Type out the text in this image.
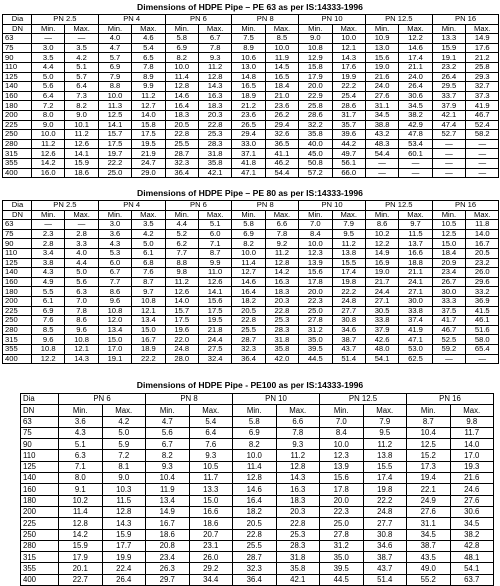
Dimensions of HDPE Pipe – PE 63 as per IS:14333-1996
Dia	PN 2.5		PN 4		PN 6		PN 8		PN 10		PN 12.5		PN 16	
DN	Min.	Max.	Min.	Max.	Min.	Max.	Min.	Max.	Min.	Max.	Min.	Max.	Min.	Max.
63	—	—	4.0	4.6	5.8	6.7	7.5	8.5	9.0	10.0	10.9	12.2	13.3	14.9
75	3.0	3.5	4.7	5.4	6.9	7.8	8.9	10.0	10.8	12.1	13.0	14.6	15.9	17.6
90	3.5	4.2	5.7	6.5	8.2	9.3	10.6	11.9	12.9	14.3	15.6	17.4	19.1	21.2
110	4.4	5.1	6.9	7.8	10.0	11.2	13.0	14.5	15.8	17.6	19.0	21.1	23.2	25.8
125	5.0	5.7	7.9	8.9	11.4	12.8	14.8	16.5	17.9	19.9	21.6	24.0	26.4	29.3
140	5.6	6.4	8.8	9.9	12.8	14.3	16.5	18.4	20.0	22.2	24.0	26.4	29.5	32.7
160	6.4	7.3	10.0	11.2	14.6	16.3	18.9	21.0	22.9	25.4	27.6	30.6	33.7	37.3
180	7.2	8.2	11.3	12.7	16.4	18.3	21.2	23.6	25.8	28.6	31.1	34.5	37.9	41.9
200	8.0	9.0	12.5	14.0	18.3	20.3	23.6	26.2	28.6	31.7	34.5	38.2	42.1	46.7
225	9.0	10.1	14.1	15.8	20.5	22.8	26.5	29.4	32.2	35.7	38.8	42.9	47.4	52.4
250	10.0	11.2	15.7	17.5	22.8	25.3	29.4	32.6	35.8	39.6	43.2	47.8	52.7	58.2
280	11.2	12.6	17.5	19.5	25.5	28.3	33.0	36.5	40.0	44.2	48.3	53.4	—	—
315	12.6	14.1	19.7	21.9	28.7	31.8	37.1	41.1	45.0	49.7	54.4	60.1	—	—
355	14.2	15.9	22.2	24.7	32.3	35.8	41.8	46.2	50.8	56.1	—	—	—	—
400	16.0	18.6	25.0	29.0	36.4	42.1	47.1	54.4	57.2	66.0	—	—	—	—
Dimensions of HDPE Pipe – PE 80 as per IS:14333-1996
Dia	PN 2.5		PN 4		PN 6		PN 8		PN 10		PN 12.5		PN 16	
DN	Min.	Max.	Min.	Max.	Min.	Max.	Min.	Max.	Min.	Max.	Min.	Max.	Min.	Max.
63	—	—	3.0	3.5	4.4	5.1	5.8	6.6	7.0	7.9	8.6	9.7	10.5	11.8
75	2.3	2.8	3.6	4.2	5.2	6.0	6.9	7.8	8.4	9.5	10.2	11.5	12.5	14.0
90	2.8	3.3	4.3	5.0	6.2	7.1	8.2	9.2	10.0	11.2	12.2	13.7	15.0	16.7
110	3.4	4.0	5.3	6.1	7.7	8.7	10.0	11.2	12.3	13.8	14.9	16.6	18.4	20.5
125	3.8	4.4	6.0	6.8	8.8	9.9	11.4	12.8	13.9	15.5	16.9	18.8	20.9	23.2
140	4.3	5.0	6.7	7.6	9.8	11.0	12.7	14.2	15.6	17.4	19.0	21.1	23.4	26.0
160	4.9	5.6	7.7	8.7	11.2	12.6	14.6	16.3	17.8	19.8	21.7	24.1	26.7	29.6
180	5.5	6.3	8.6	9.7	12.6	14.1	16.4	18.3	20.0	22.2	24.4	27.1	30.0	33.2
200	6.1	7.0	9.6	10.8	14.0	15.6	18.2	20.3	22.3	24.8	27.1	30.0	33.3	36.9
225	6.9	7.8	10.8	12.1	15.7	17.5	20.5	22.8	25.0	27.7	30.5	33.8	37.5	41.5
250	7.6	8.6	12.0	13.4	17.5	19.5	22.8	25.3	27.8	30.8	33.8	37.4	41.7	46.1
280	8.5	9.6	13.4	15.0	19.6	21.8	25.5	28.3	31.2	34.6	37.9	41.9	46.7	51.6
315	9.6	10.8	15.0	16.7	22.0	24.4	28.7	31.8	35.0	38.7	42.6	47.1	52.5	58.0
355	10.8	12.1	17.0	18.9	24.8	27.5	32.3	35.8	39.5	43.7	48.0	53.0	59.2	65.4
400	12.2	14.3	19.1	22.2	28.0	32.4	36.4	42.0	44.5	51.4	54.1	62.5	—	—
Dimensions of HDPE Pipe - PE100 as per IS:14333-1996
Dia	PN 6		PN 8		PN 10		PN 12.5		PN 16	
DN	Min.	Max.	Min.	Max.	Min.	Max.	Min.	Max.	Min.	Max.
63	3.6	4.2	4.7	5.4	5.8	6.6	7.0	7.9	8.7	9.8
75	4.3	5.0	5.6	6.4	6.9	7.8	8.4	9.5	10.4	11.7
90	5.1	5.9	6.7	7.6	8.2	9.3	10.0	11.2	12.5	14.0
110	6.3	7.2	8.2	9.3	10.0	11.2	12.3	13.8	15.2	17.0
125	7.1	8.1	9.3	10.5	11.4	12.8	13.9	15.5	17.3	19.3
140	8.0	9.0	10.4	11.7	12.8	14.3	15.6	17.4	19.4	21.6
160	9.1	10.3	11.9	13.3	14.6	16.3	17.8	19.8	22.1	24.6
180	10.2	11.5	13.4	15.0	16.4	18.3	20.0	22.2	24.9	27.6
200	11.4	12.8	14.9	16.6	18.2	20.3	22.3	24.8	27.6	30.6
225	12.8	14.3	16.7	18.6	20.5	22.8	25.0	27.7	31.1	34.5
250	14.2	15.9	18.6	20.7	22.8	25.3	27.8	30.8	34.5	38.2
280	15.9	17.7	20.8	23.1	25.5	28.3	31.2	34.6	38.7	42.8
315	17.9	19.9	23.4	26.0	28.7	31.8	35.0	38.7	43.5	48.1
355	20.1	22.4	26.3	29.2	32.3	35.8	39.5	43.7	49.0	54.1
400	22.7	26.4	29.7	34.4	36.4	42.1	44.5	51.4	55.2	63.7
